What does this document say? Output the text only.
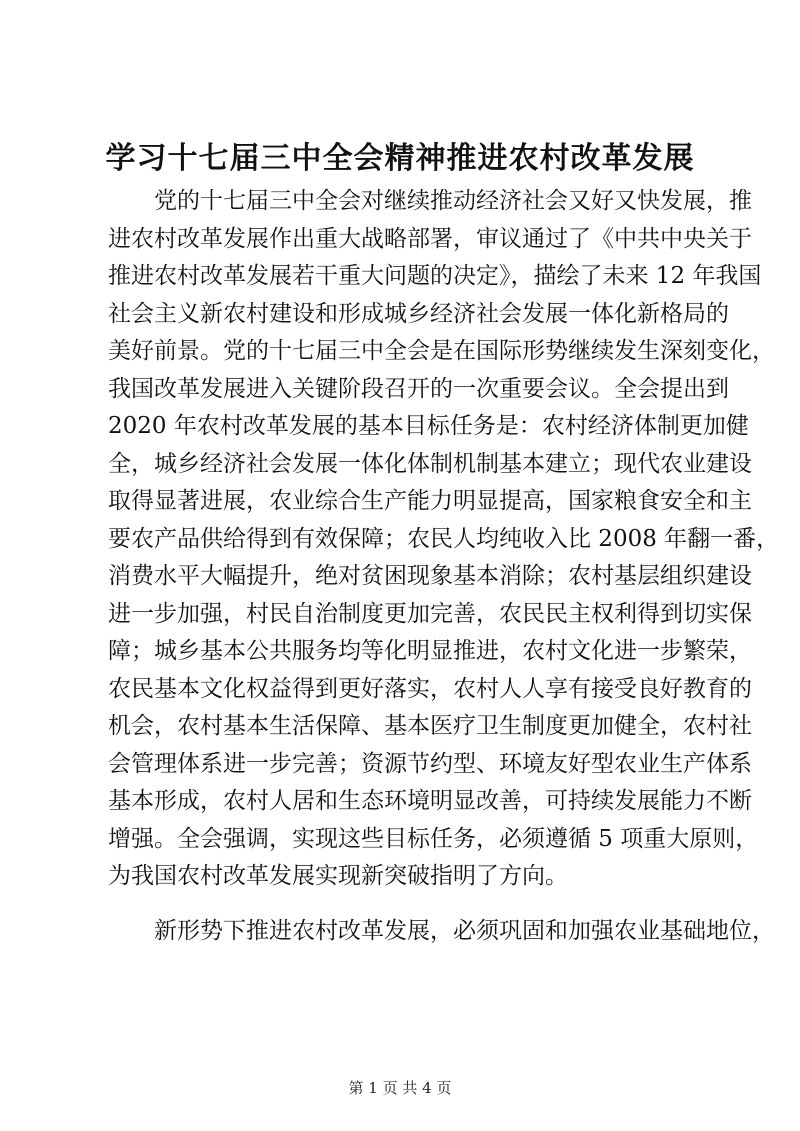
学习十七届三中全会精神推进农村改革发展
党的十七届三中全会对继续推动经济社会又好又快发展，推
进农村改革发展作出重大战略部署，审议通过了《中共中央关于
推进农村改革发展若干重大问题的决定》，描绘了未来 12 年我国
社会主义新农村建设和形成城乡经济社会发展一体化新格局的
美好前景。党的十七届三中全会是在国际形势继续发生深刻变化，
我国改革发展进入关键阶段召开的一次重要会议。全会提出到
2020 年农村改革发展的基本目标任务是：农村经济体制更加健
全，城乡经济社会发展一体化体制机制基本建立；现代农业建设
取得显著进展，农业综合生产能力明显提高，国家粮食安全和主
要农产品供给得到有效保障；农民人均纯收入比 2008 年翻一番，
消费水平大幅提升，绝对贫困现象基本消除；农村基层组织建设
进一步加强，村民自治制度更加完善，农民民主权利得到切实保
障；城乡基本公共服务均等化明显推进，农村文化进一步繁荣，
农民基本文化权益得到更好落实，农村人人享有接受良好教育的
机会，农村基本生活保障、基本医疗卫生制度更加健全，农村社
会管理体系进一步完善；资源节约型、环境友好型农业生产体系
基本形成，农村人居和生态环境明显改善，可持续发展能力不断
增强。全会强调，实现这些目标任务，必须遵循 5 项重大原则，
为我国农村改革发展实现新突破指明了方向。
新形势下推进农村改革发展，必须巩固和加强农业基础地位，
第 1 页 共 4 页
